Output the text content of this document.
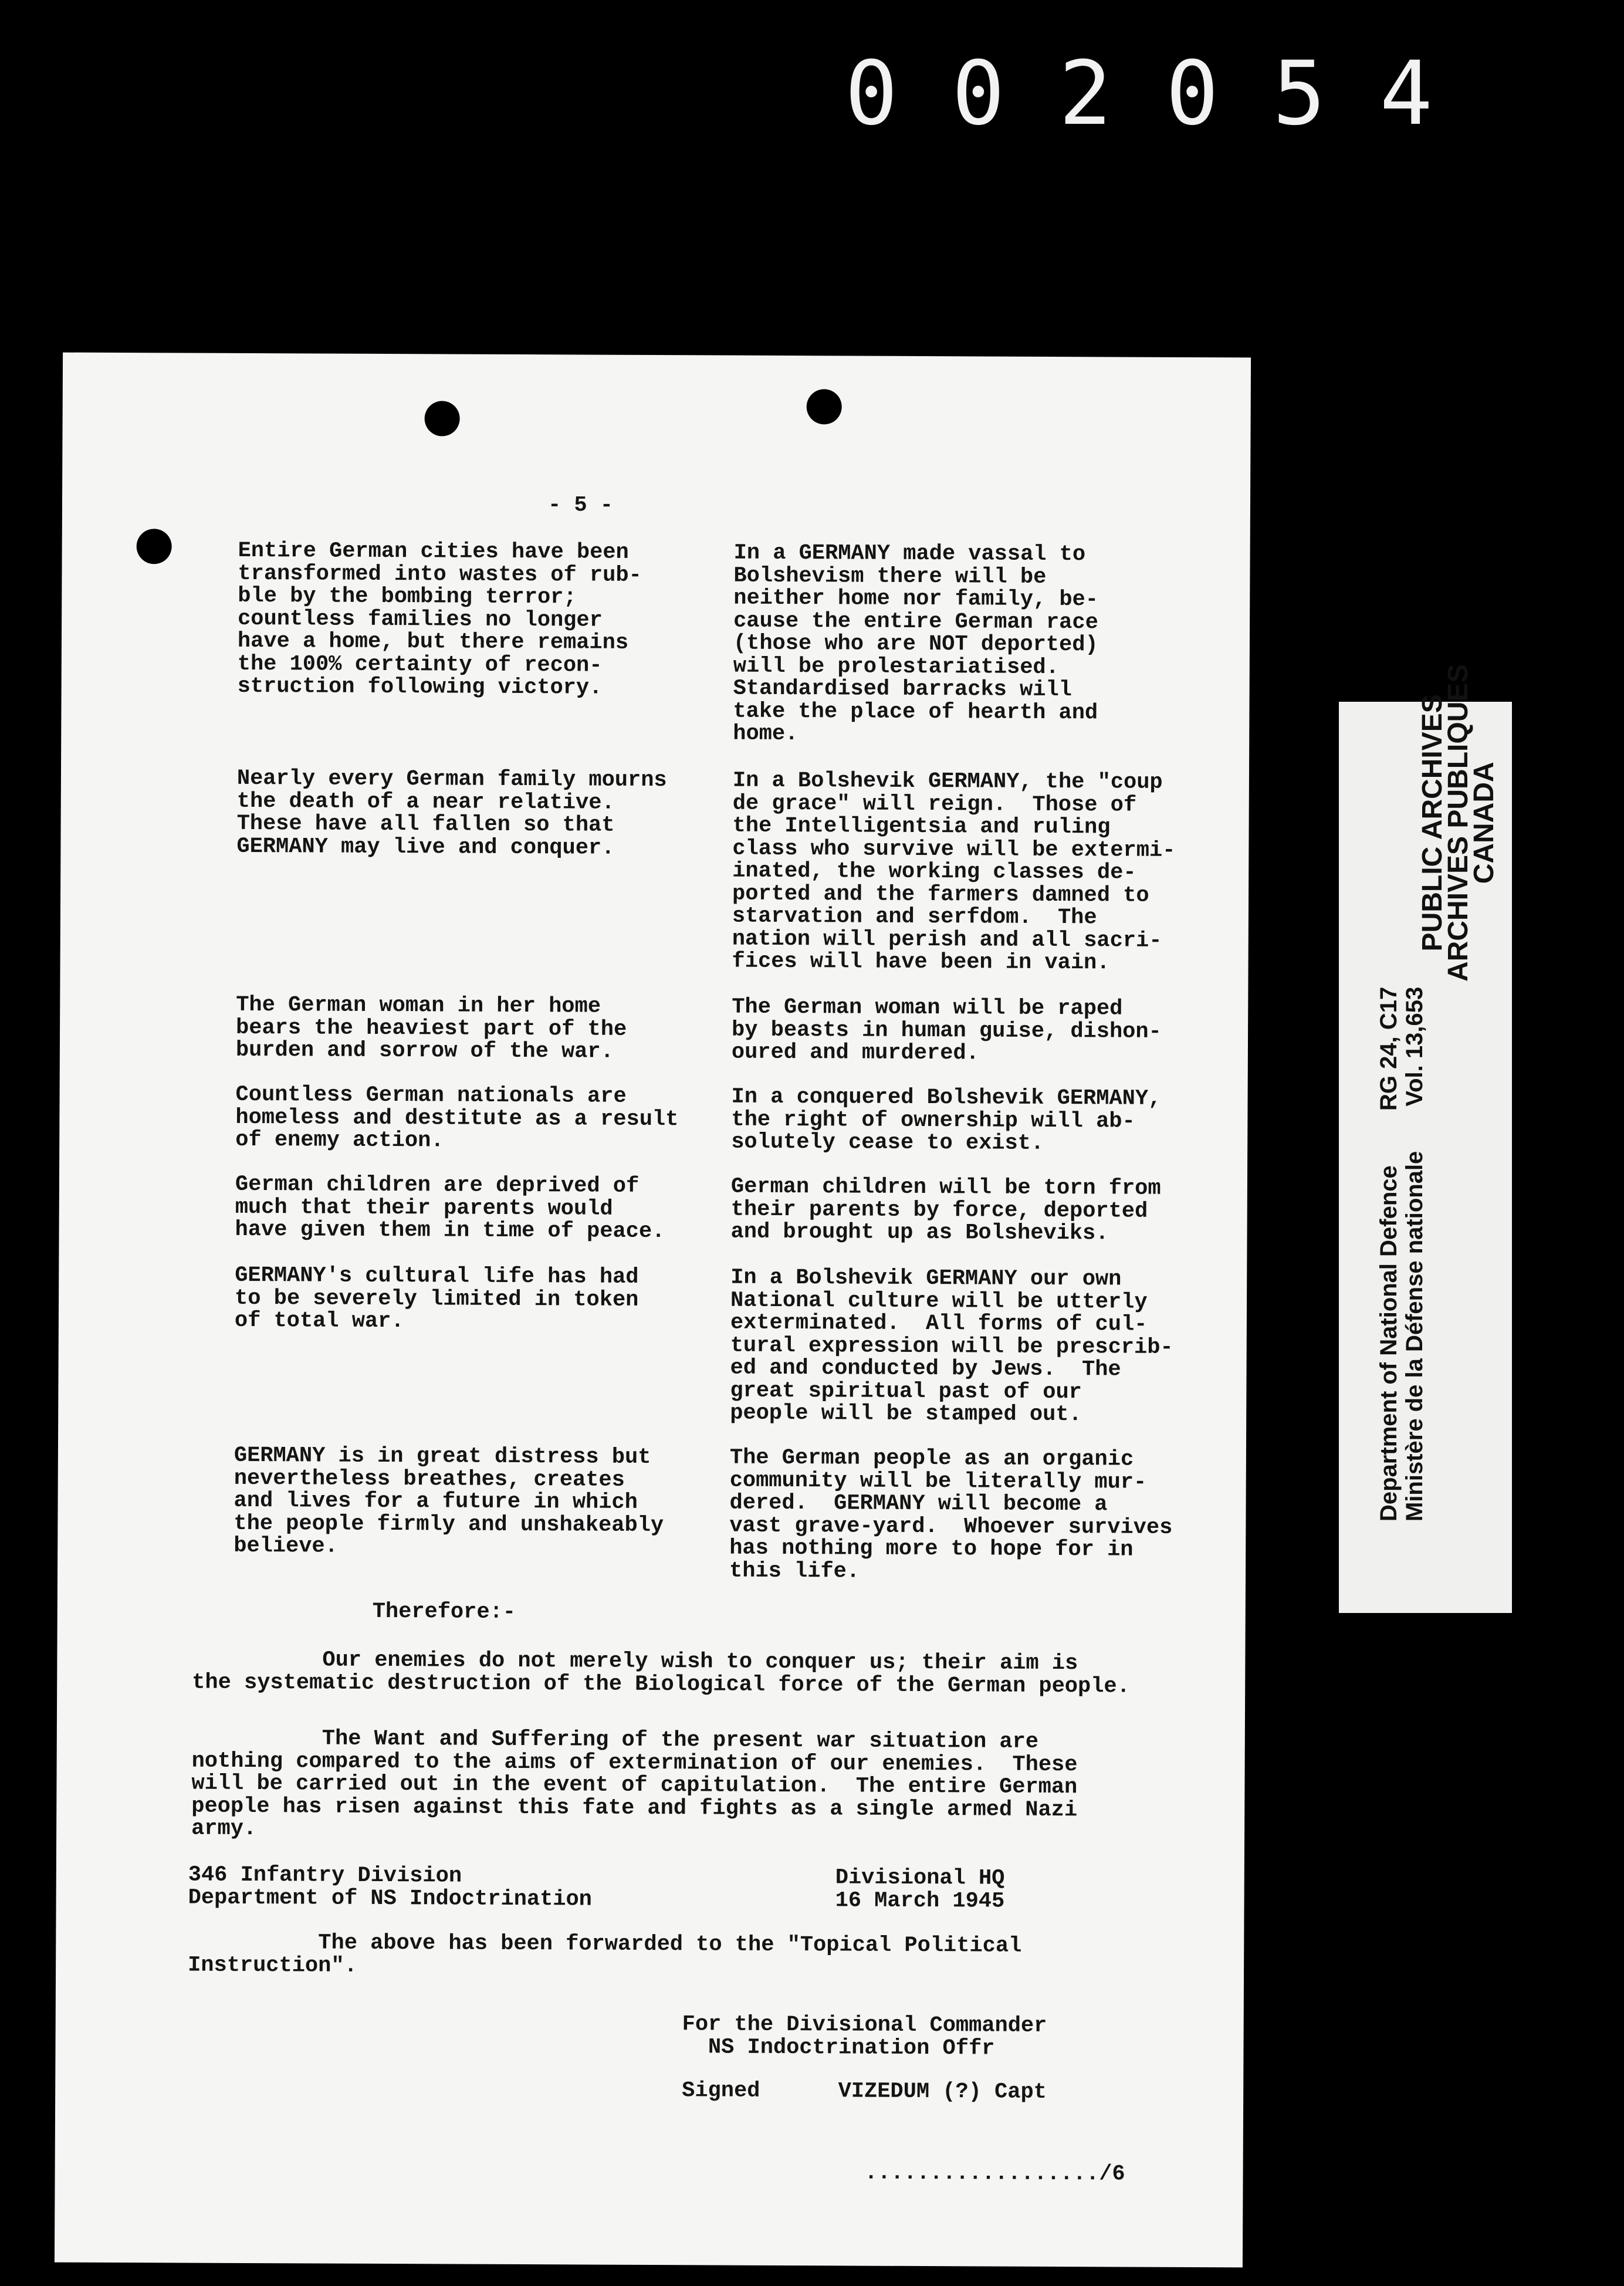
002054
- 5 -
Entire German cities have been
transformed into wastes of rub-
ble by the bombing terror;
countless families no longer
have a home, but there remains
the 100% certainty of recon-
struction following victory.
In a GERMANY made vassal to
Bolshevism there will be
neither home nor family, be-
cause the entire German race
(those who are NOT deported)
will be prolestariatised.
Standardised barracks will
take the place of hearth and
home.
Nearly every German family mourns
the death of a near relative.
These have all fallen so that
GERMANY may live and conquer.
In a Bolshevik GERMANY, the "coup
de grace" will reign.  Those of
the Intelligentsia and ruling
class who survive will be extermi-
inated, the working classes de-
ported and the farmers damned to
starvation and serfdom.  The
nation will perish and all sacri-
fices will have been in vain.
The German woman in her home
bears the heaviest part of the
burden and sorrow of the war.
The German woman will be raped
by beasts in human guise, dishon-
oured and murdered.
Countless German nationals are
homeless and destitute as a result
of enemy action.
In a conquered Bolshevik GERMANY,
the right of ownership will ab-
solutely cease to exist.
German children are deprived of
much that their parents would
have given them in time of peace.
German children will be torn from
their parents by force, deported
and brought up as Bolsheviks.
GERMANY's cultural life has had
to be severely limited in token
of total war.
In a Bolshevik GERMANY our own
National culture will be utterly
exterminated.  All forms of cul-
tural expression will be prescrib-
ed and conducted by Jews.  The
great spiritual past of our
people will be stamped out.
GERMANY is in great distress but
nevertheless breathes, creates
and lives for a future in which
the people firmly and unshakeably
believe.
The German people as an organic
community will be literally mur-
dered.  GERMANY will become a
vast grave-yard.  Whoever survives
has nothing more to hope for in
this life.
Therefore:-
Our enemies do not merely wish to conquer us; their aim is
the systematic destruction of the Biological force of the German people.
The Want and Suffering of the present war situation are
nothing compared to the aims of extermination of our enemies.  These
will be carried out in the event of capitulation.  The entire German
people has risen against this fate and fights as a single armed Nazi
army.
346 Infantry Division
Department of NS Indoctrination
Divisional HQ
16 March 1945
The above has been forwarded to the "Topical Political
Instruction".
For the Divisional Commander
NS Indoctrination Offr
Signed      VIZEDUM (?) Capt
................../6
Department of National Defence Ministère de la Défense nationale
RG 24, C17 Vol. 13,653
PUBLIC ARCHIVES
ARCHIVES PUBLIQUES
CANADA
